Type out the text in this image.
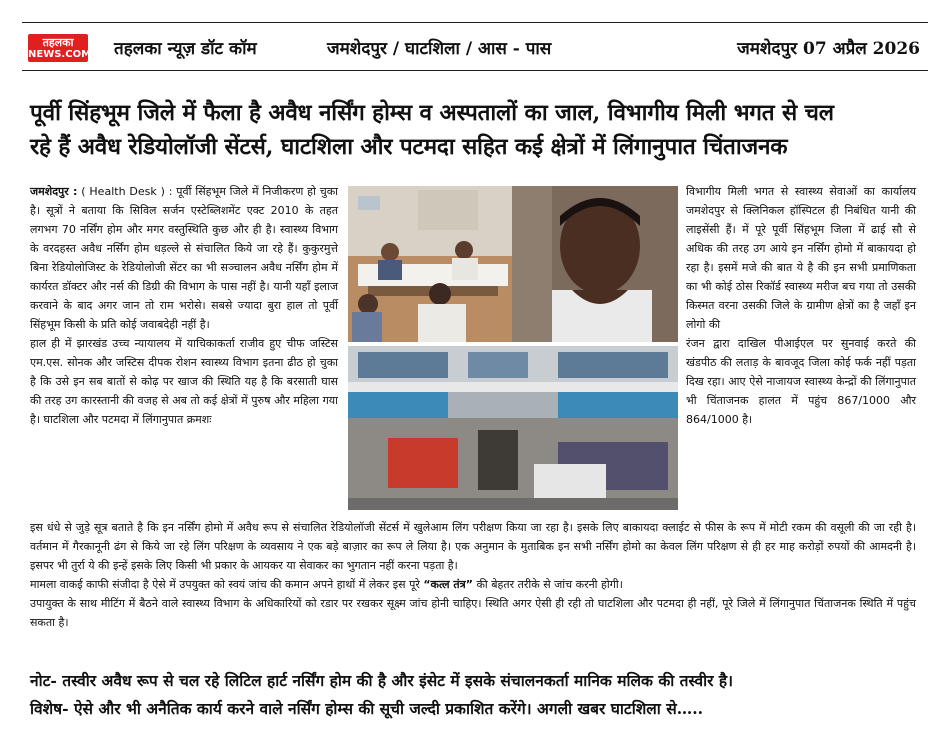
तहलका
NEWS.COM तहलका न्यूज़ डॉट कॉम	जमशेदपुर / घाटशिला / आस - पास	जमशेदपुर 07 अप्रैल 2026
पूर्वी सिंहभूम जिले में फैला है अवैध नर्सिंग होम्स व अस्पतालों का जाल, विभागीय मिली भगत से चल
रहे हैं अवैध रेडियोलॉजी सेंटर्स, घाटशिला और पटमदा सहित कई क्षेत्रों में लिंगानुपात चिंताजनक

जमशेदपुर : ( Health Desk ) : पूर्वी सिंहभूम जिले में निजीकरण हो चुका है। सूत्रों ने बताया कि सिविल सर्जन एस्टेब्लिशमेंट एक्ट 2010 के तहत लगभग 70 नर्सिंग होम और मगर वस्तुस्थिति कुछ और ही है। स्वास्थ्य विभाग के वरदहस्त अवैध नर्सिंग होम धड़ल्ले से संचालित किये जा रहे हैं। कुकुरमुत्ते बिना रेडियोलोजिस्ट के रेडियोलोजी सेंटर का भी सञ्चालन अवैध नर्सिंग होम में कार्यरत डॉक्टर और नर्स की डिग्री की विभाग के पास नहीं है। यानी यहाँ इलाज करवाने के बाद अगर जान तो राम भरोसे। सबसे ज्यादा बुरा हाल तो पूर्वी सिंहभूम किसी के प्रति कोई जवाबदेही नहीं है।

हाल ही में झारखंड उच्च न्यायालय में याचिकाकर्ता राजीव हुए चीफ जस्टिस एम.एस. सोनक और जस्टिस दीपक रोशन स्वास्थ्य विभाग इतना ढीठ हो चुका है कि उसे इन सब बातों से कोढ़ पर खाज की स्थिति यह है कि बरसाती घास की तरह उग कारस्तानी की वजह से अब तो कई क्षेत्रों में पुरुष और महिला गया है। घाटशिला और पटमदा में लिंगानुपात क्रमशः

विभागीय मिली भगत से स्वास्थ्य सेवाओं का कार्यालय जमशेदपुर से क्लिनिकल हॉस्पिटल ही निबंधित यानी की लाइसेंसी हैं। में पूरे पूर्वी सिंहभूम जिला में ढाई सौ से अधिक की तरह उग आये इन नर्सिंग होमो में बाकायदा हो रहा है। इसमें मजे की बात ये है की इन सभी प्रमाणिकता का भी कोई ठोस रिकॉर्ड स्वास्थ्य मरीज बच गया तो उसकी किस्मत वरना उसकी जिले के ग्रामीण क्षेत्रों का है जहाँ इन लोगो की

रंजन द्वारा दाखिल पीआईएल पर सुनवाई करते की खंडपीठ की लताड़ के बावजूद जिला कोई फर्क नहीं पड़ता दिख रहा। आए ऐसे नाजायज स्वास्थ्य केन्द्रों की लिंगानुपात भी चिंताजनक हालत में पहुंच 867/1000 और 864/1000 है।

इस धंधे से जुड़े सूत्र बताते है कि इन नर्सिंग होमो में अवैध रूप से संचालित रेडियोलॉजी सेंटर्स में खुलेआम लिंग परीक्षण किया जा रहा है। इसके लिए बाकायदा क्लाईट से फीस के रूप में मोटी रकम की वसूली की जा रही है। वर्तमान में गैरकानूनी ढंग से किये जा रहे लिंग परिक्षण के व्यवसाय ने एक बड़े बाज़ार का रूप ले लिया है। एक अनुमान के मुताबिक इन सभी नर्सिंग होमो का केवल लिंग परिक्षण से ही हर माह करोड़ों रुपयों की आमदनी है। इसपर भी तुर्रा ये की इन्हें इसके लिए किसी भी प्रकार के आयकर या सेवाकर का भुगतान नहीं करना पड़ता है।

मामला वाकई काफी संजीदा है ऐसे में उपयुक्त को स्वयं जांच की कमान अपने हाथों में लेकर इस पूरे “कत्ल तंत्र” की बेहतर तरीके से जांच करनी होगी।

उपायुक्त के साथ मीटिंग में बैठने वाले स्वास्थ्य विभाग के अधिकारियों को रडार पर रखकर सूक्ष्म जांच होनी चाहिए। स्थिति अगर ऐसी ही रही तो घाटशिला और पटमदा ही नहीं, पूरे जिले में लिंगानुपात चिंताजनक स्थिति में पहुंच सकता है।

नोट- तस्वीर अवैध रूप से चल रहे लिटिल हार्ट नर्सिंग होम की है और इंसेट में इसके संचालनकर्ता मानिक मलिक की तस्वीर है।
विशेष- ऐसे और भी अनैतिक कार्य करने वाले नर्सिंग होम्स की सूची जल्दी प्रकाशित करेंगे। अगली खबर घाटशिला से…..
